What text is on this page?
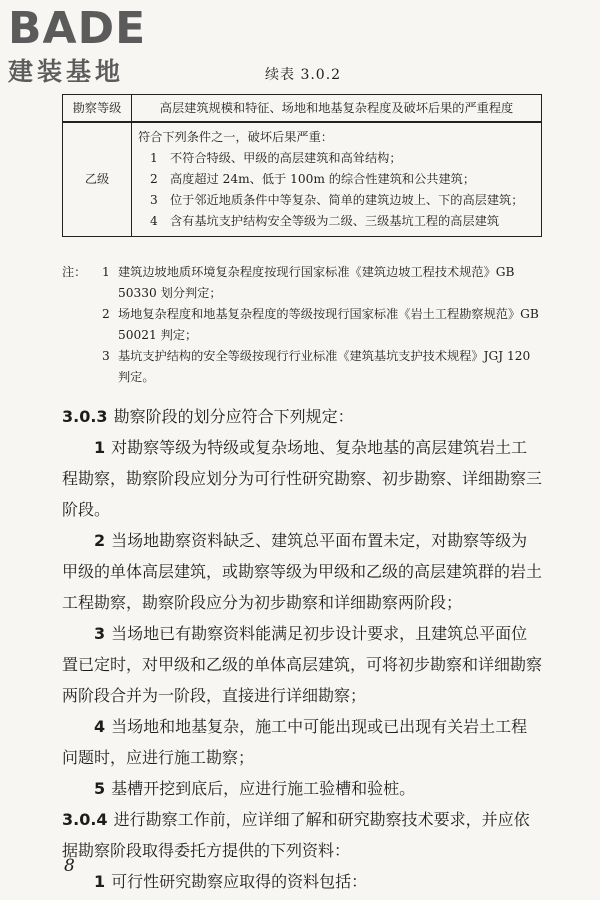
BADE
建装基地	续表 3.0.2
勘察等级	高层建筑规模和特征、场地和地基复杂程度及破坏后果的严重程度
乙级	符合下列条件之一，破坏后果严重：

1　不符合特级、甲级的高层建筑和高耸结构；

2　高度超过 24m、低于 100m 的综合性建筑和公共建筑；

3　位于邻近地质条件中等复杂、简单的建筑边坡上、下的高层建筑；

4　含有基坑支护结构安全等级为二级、三级基坑工程的高层建筑

注： 1 建筑边坡地质环境复杂程度按现行国家标准《建筑边坡工程技术规范》GB 50330 划分判定；
2 场地复杂程度和地基复杂程度的等级按现行国家标准《岩土工程勘察规范》GB 50021 判定；
3 基坑支护结构的安全等级按现行行业标准《建筑基坑支护技术规程》JGJ 120 判定。

3.0.3 勘察阶段的划分应符合下列规定：

1 对勘察等级为特级或复杂场地、复杂地基的高层建筑岩土工程勘察，勘察阶段应划分为可行性研究勘察、初步勘察、详细勘察三阶段。

2 当场地勘察资料缺乏、建筑总平面布置未定，对勘察等级为甲级的单体高层建筑，或勘察等级为甲级和乙级的高层建筑群的岩土工程勘察，勘察阶段应分为初步勘察和详细勘察两阶段；

3 当场地已有勘察资料能满足初步设计要求，且建筑总平面位置已定时，对甲级和乙级的单体高层建筑，可将初步勘察和详细勘察两阶段合并为一阶段，直接进行详细勘察；

4 当场地和地基复杂，施工中可能出现或已出现有关岩土工程问题时，应进行施工勘察；

5 基槽开挖到底后，应进行施工验槽和验桩。

3.0.4 进行勘察工作前，应详细了解和研究勘察技术要求，并应依据勘察阶段取得委托方提供的下列资料：

1 可行性研究勘察应取得的资料包括：

8
